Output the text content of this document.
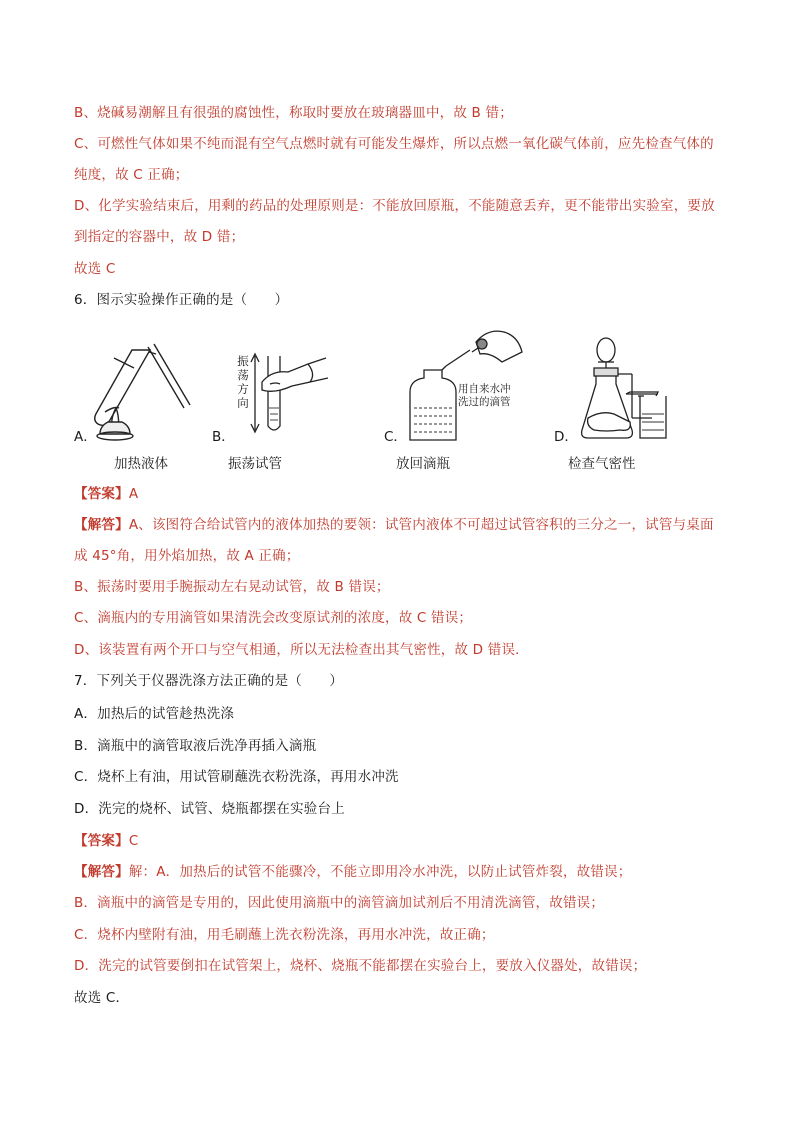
B、烧碱易潮解且有很强的腐蚀性，称取时要放在玻璃器皿中，故 B 错；
C、可燃性气体如果不纯而混有空气点燃时就有可能发生爆炸，所以点燃一氧化碳气体前，应先检查气体的
纯度，故 C 正确；
D、化学实验结束后，用剩的药品的处理原则是：不能放回原瓶，不能随意丢弃，更不能带出实验室，要放
到指定的容器中，故 D 错；
故选 C
6．图示实验操作正确的是（　　）
A．
加热液体
B．
振
荡
方
向
振荡试管
C．
用自来水冲
洗过的滴管
放回滴瓶
D．
检查气密性
【答案】A
【解答】A、该图符合给试管内的液体加热的要领：试管内液体不可超过试管容积的三分之一，试管与桌面
成 45°角，用外焰加热，故 A 正确；
B、振荡时要用手腕振动左右晃动试管，故 B 错误；
C、滴瓶内的专用滴管如果清洗会改变原试剂的浓度，故 C 错误；
D、该装置有两个开口与空气相通，所以无法检查出其气密性，故 D 错误．
7．下列关于仪器洗涤方法正确的是（　　）
A．加热后的试管趁热洗涤
B．滴瓶中的滴管取液后洗净再插入滴瓶
C．烧杯上有油，用试管刷蘸洗衣粉洗涤，再用水冲洗
D．洗完的烧杯、试管、烧瓶都摆在实验台上
【答案】C
【解答】解：A．加热后的试管不能骤冷，不能立即用冷水冲洗，以防止试管炸裂，故错误；
B．滴瓶中的滴管是专用的，因此使用滴瓶中的滴管滴加试剂后不用清洗滴管，故错误；
C．烧杯内壁附有油，用毛刷蘸上洗衣粉洗涤，再用水冲洗，故正确；
D．洗完的试管要倒扣在试管架上，烧杯、烧瓶不能都摆在实验台上，要放入仪器处，故错误；
故选 C．
